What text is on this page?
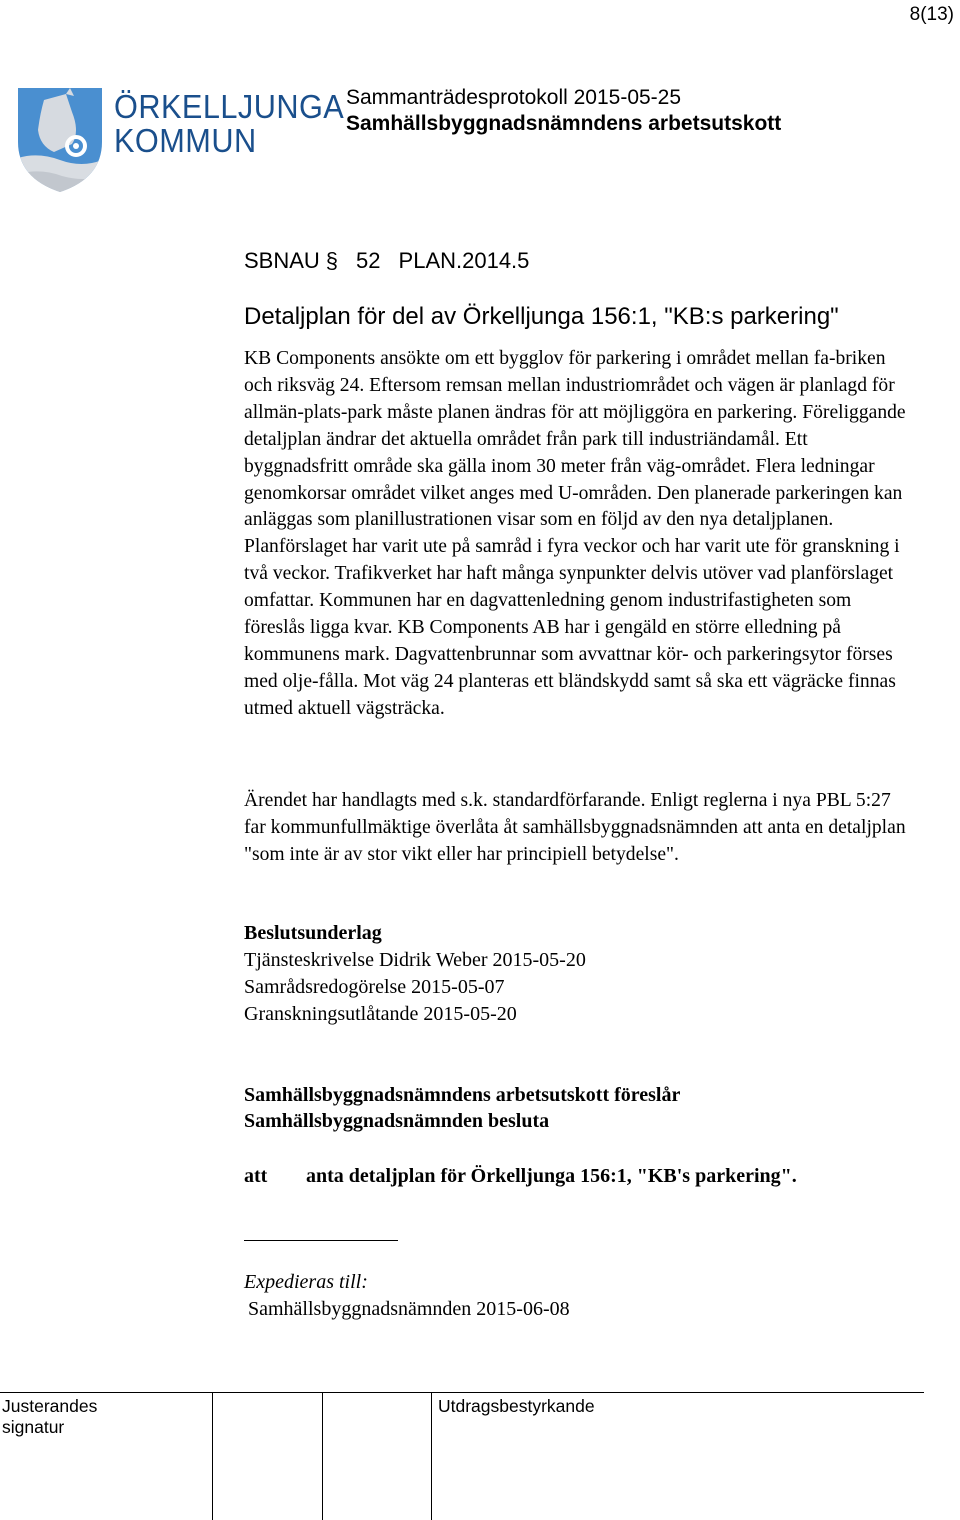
8(13)
ÖRKELLJUNGA
KOMMUN
Sammanträdesprotokoll 2015-05-25
Samhällsbyggnadsnämndens arbetsutskott
SBNAU § 52 PLAN.2014.5
Detaljplan för del av Örkelljunga 156:1, "KB:s parkering"
KB Components ansökte om ett bygglov för parkering i området mellan fa-briken och riksväg 24. Eftersom remsan mellan industriområdet och vägen är planlagd för allmän-plats-park måste planen ändras för att möjliggöra en parkering. Föreliggande detaljplan ändrar det aktuella området från park till industriändamål. Ett byggnadsfritt område ska gälla inom 30 meter från väg-området. Flera ledningar genomkorsar området vilket anges med U-områden. Den planerade parkeringen kan anläggas som planillustrationen visar som en följd av den nya detaljplanen. Planförslaget har varit ute på samråd i fyra veckor och har varit ute för granskning i två veckor. Trafikverket har haft många synpunkter delvis utöver vad planförslaget omfattar. Kommunen har en dagvattenledning genom industrifastigheten som föreslås ligga kvar. KB Components AB har i gengäld en större elledning på kommunens mark. Dagvattenbrunnar som avvattnar kör- och parkeringsytor förses med olje-fålla. Mot väg 24 planteras ett bländskydd samt så ska ett vägräcke finnas utmed aktuell vägsträcka.
Ärendet har handlagts med s.k. standardförfarande. Enligt reglerna i nya PBL 5:27 far kommunfullmäktige överlåta åt samhällsbyggnadsnämnden att anta en detaljplan "som inte är av stor vikt eller har principiell betydelse".
Beslutsunderlag
Tjänsteskrivelse Didrik Weber 2015-05-20
Samrådsredogörelse 2015-05-07
Granskningsutlåtande 2015-05-20
Samhällsbyggnadsnämndens arbetsutskott föreslår
Samhällsbyggnadsnämnden besluta
att anta detaljplan för Örkelljunga 156:1, "KB's parkering".
Expedieras till:
Samhällsbyggnadsnämnden 2015-06-08
Justerandes
signatur
Utdragsbestyrkande
